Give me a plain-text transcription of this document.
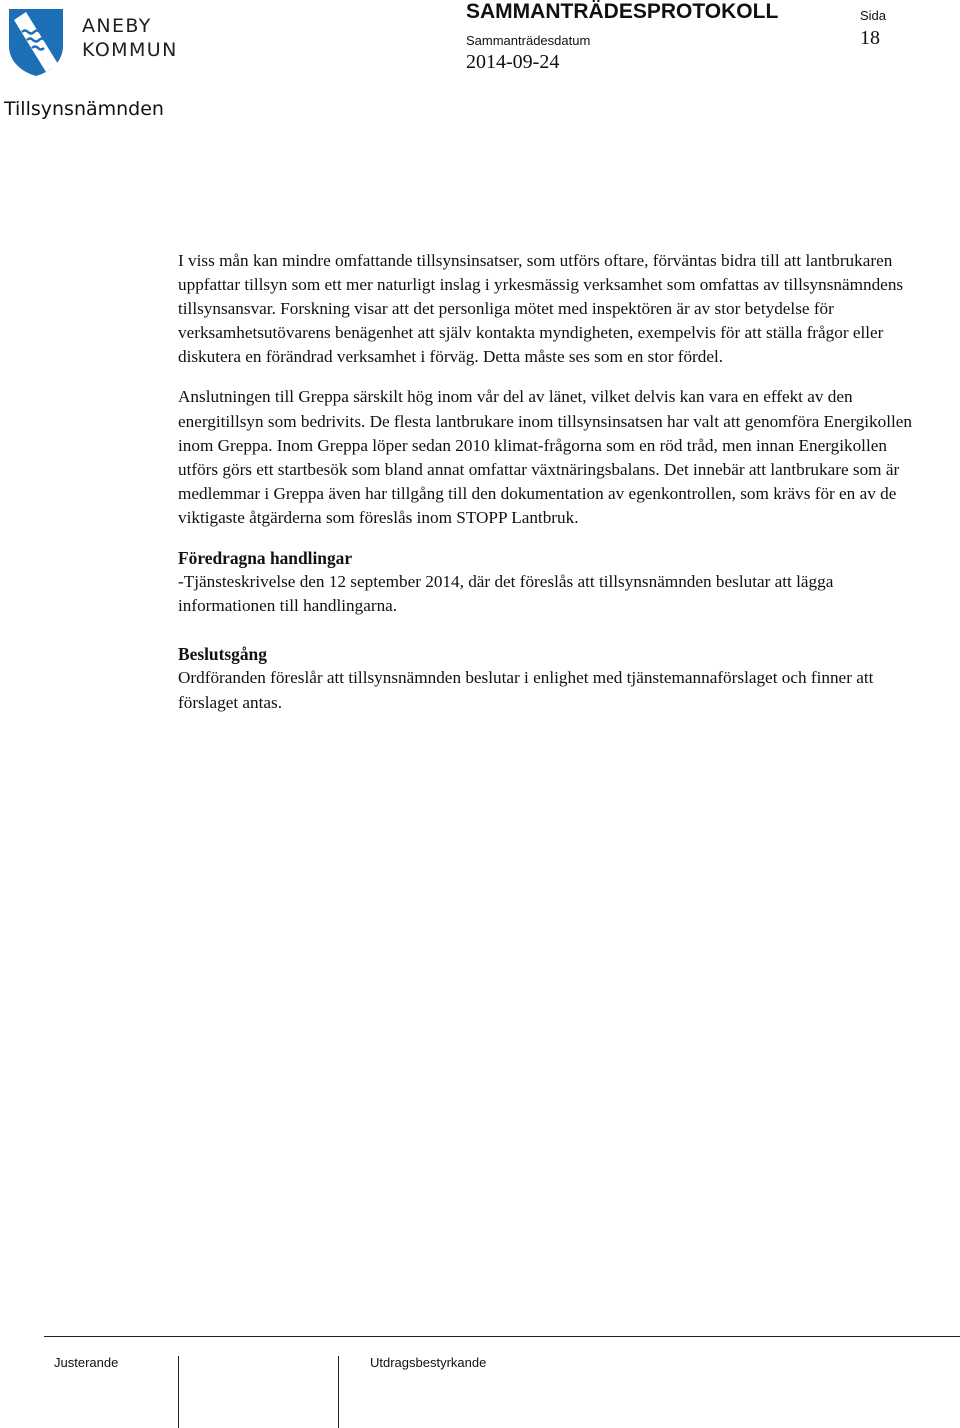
ANEBY
KOMMUN
Tillsynsnämnden
SAMMANTRÄDESPROTOKOLL
Sammanträdesdatum
2014-09-24
Sida
18

I viss mån kan mindre omfattande tillsynsinsatser, som utförs oftare, förväntas bidra till att lantbrukaren uppfattar tillsyn som ett mer naturligt inslag i yrkesmässig verksamhet som omfattas av tillsynsnämndens tillsynsansvar. Forskning visar att det personliga mötet med inspektören är av stor betydelse för verksamhetsutövarens benägenhet att själv kontakta myndigheten, exempelvis för att ställa frågor eller diskutera en förändrad verksamhet i förväg. Detta måste ses som en stor fördel.

Anslutningen till Greppa särskilt hög inom vår del av länet, vilket delvis kan vara en effekt av den energitillsyn som bedrivits. De flesta lantbrukare inom tillsynsinsatsen har valt att genomföra Energikollen inom Greppa. Inom Greppa löper sedan 2010 klimat-frågorna som en röd tråd, men innan Energikollen utförs görs ett startbesök som bland annat omfattar växtnäringsbalans. Det innebär att lantbrukare som är medlemmar i Greppa även har tillgång till den dokumentation av egenkontrollen, som krävs för en av de viktigaste åtgärderna som föreslås inom STOPP Lantbruk.

Föredragna handlingar
-Tjänsteskrivelse den 12 september 2014, där det föreslås att tillsynsnämnden beslutar att lägga informationen till handlingarna.
Beslutsgång
Ordföranden föreslår att tillsynsnämnden beslutar i enlighet med tjänstemannaförslaget och finner att förslaget antas.
Justerande	Utdragsbestyrkande
